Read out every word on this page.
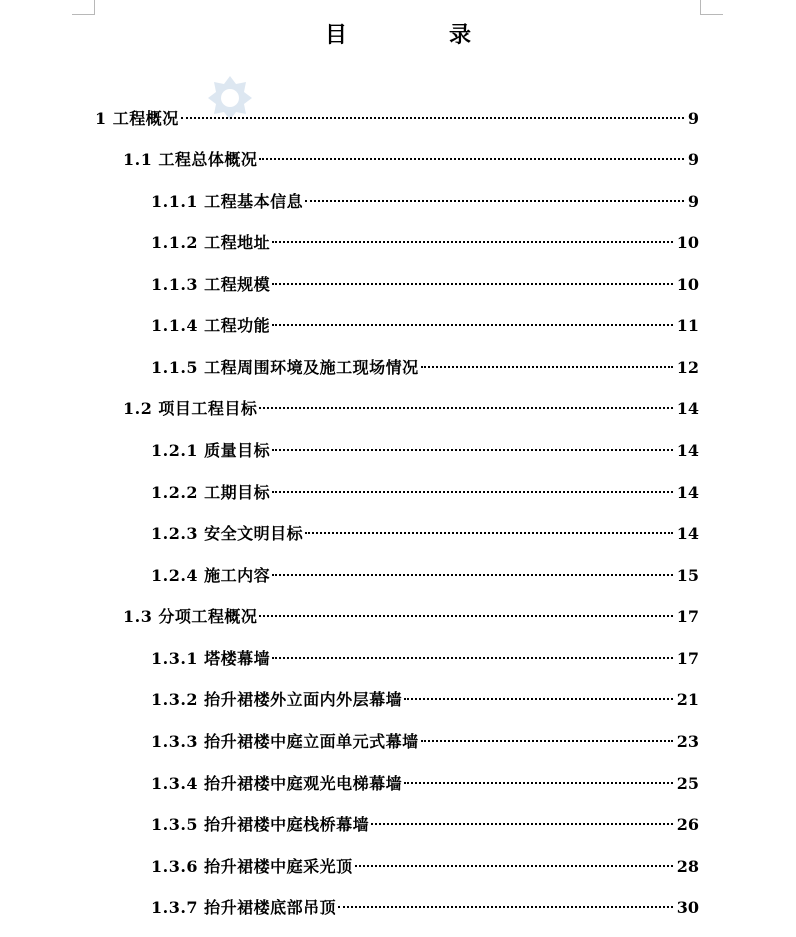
目　录
1 工程概况	9
1.1 工程总体概况	9
1.1.1 工程基本信息	9
1.1.2 工程地址	10
1.1.3 工程规模	10
1.1.4 工程功能	11
1.1.5 工程周围环境及施工现场情况	12
1.2 项目工程目标	14
1.2.1 质量目标	14
1.2.2 工期目标	14
1.2.3 安全文明目标	14
1.2.4 施工内容	15
1.3 分项工程概况	17
1.3.1 塔楼幕墙	17
1.3.2 抬升裙楼外立面内外层幕墙	21
1.3.3 抬升裙楼中庭立面单元式幕墙	23
1.3.4 抬升裙楼中庭观光电梯幕墙	25
1.3.5 抬升裙楼中庭栈桥幕墙	26
1.3.6 抬升裙楼中庭采光顶	28
1.3.7 抬升裙楼底部吊顶	30
